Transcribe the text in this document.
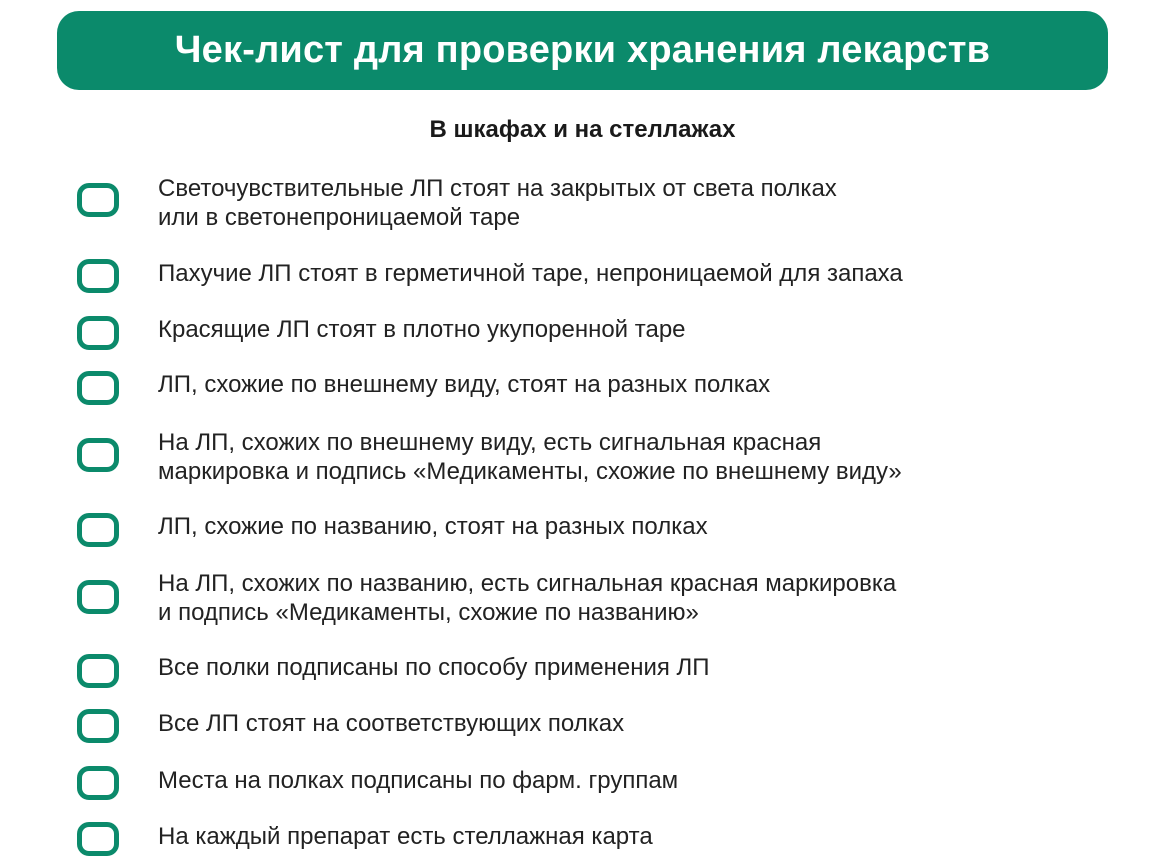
Чек-лист для проверки хранения лекарств
В шкафах и на стеллажах
Светочувствительные ЛП стоят на закрытых от света полках
или в светонепроницаемой таре
Пахучие ЛП стоят в герметичной таре, непроницаемой для запаха
Красящие ЛП стоят в плотно укупоренной таре
ЛП, схожие по внешнему виду, стоят на разных полках
На ЛП, схожих по внешнему виду, есть сигнальная красная
маркировка и подпись «Медикаменты, схожие по внешнему виду»
ЛП, схожие по названию, стоят на разных полках
На ЛП, схожих по названию, есть сигнальная красная маркировка
и подпись «Медикаменты, схожие по названию»
Все полки подписаны по способу применения ЛП
Все ЛП стоят на соответствующих полках
Места на полках подписаны по фарм. группам
На каждый препарат есть стеллажная карта
